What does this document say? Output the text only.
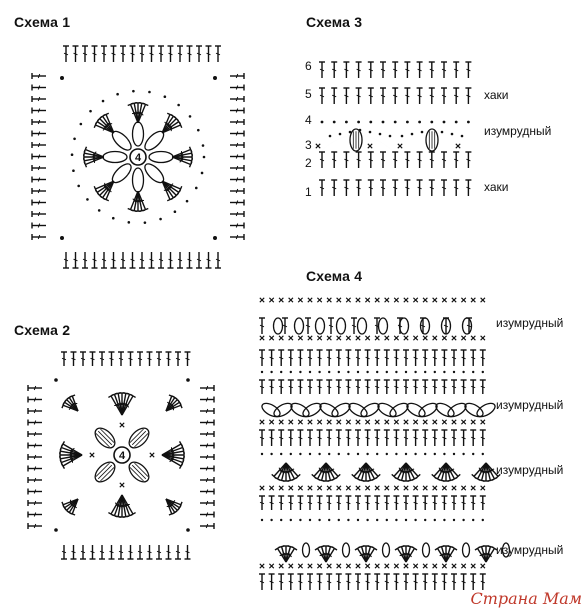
4
4
Схема 1
Схема 2
Схема 3
Схема 4
6
5
4
3
2
1
хаки
изумрудный
хаки
изумрудный
изумрудный
изумрудный
изумрудный
Страна Мам
